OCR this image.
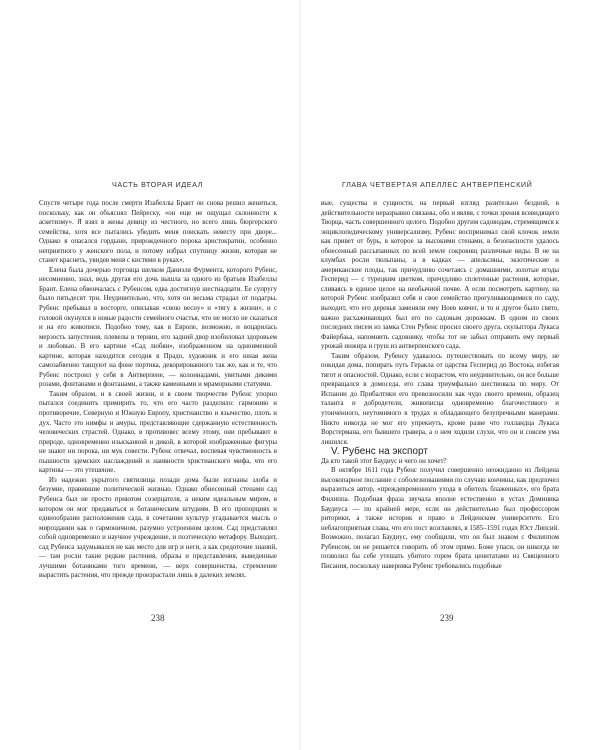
ЧАСТЬ ВТОРАЯ ИДЕАЛ

Спустя четыре года после смерти Изабеллы Брант он снова решил жениться, поскольку, как он объяснял Пейреску, «он еще не ощущал склонности к аскетизму». Я взял в жены девицу из честного, но всего лишь бюргерского семейства, хотя все пытались убедить меня поискать невесту при дворе... Однако я опасался гордыни, прирожденного порока аристократии, особенно неприятного у женского пола, и потому избрал спутницу жизни, которая не станет краснеть, увидев меня с кистями в руках».

Елена была дочерью торговца шелком Даниэля Фурмента, которого Рубенс, несомненно, знал, ведь другая его дочь вышла за одного из братьев Изабеллы Брант. Елена обвенчалась с Рубенсом, едва достигнув шестнадцати. Ее супругу было пятьдесят три. Неудивительно, что, хотя он весьма страдал от подагры, Рубенс пребывал в восторге, описывая «свою весну» и «тягу к жизни», и с головой окунулся в новые радости семейного счастья, что не могло не сказаться и на его живописи. Подобно тому, как в Европе, возможно, и воцарилась мерзость запустения, плевелы и тернии, его задний двор изобиловал здоровьем и любовью. В его картине «Сад любви», изображенном на одноименной картине, которая находится сегодня в Прадо, художник и его юная жена самозабвенно танцуют на фоне портика, декорированного так же, как и те, что Рубенс построил у себя в Антверпене, — колоннадами, увитыми дикими розами, фонтанами и фонтанами, а также каменными и мраморными статуями.

Таким образом, и в своей жизни, и в своем творчестве Рубенс упорно пытался соединить примирить то, что его часто разделяло: гармонию и противоречие, Северную и Южную Европу, христианство и язычество, плоть и дух. Часто это нимфы и амуры, представляющие сдержанную естественность человеческих страстей. Однако, в противовес всему этому, они пребывают в природе, одновременно изысканной и дикой, в которой изображенные фигуры не знают ни порока, ни мук совести. Рубенс отвечал, воспевая чувственность в пышности эдемских наслаждений и наивности христианского мифа, что его картины — это утешение.

Из надежно укрытого святилища позади дома были изгнаны злоба и безумие, правившие политической жизнью. Однако обнесенный стенами сад Рубенса был не просто приютом созерцателя, а неким идеальным миром, в котором он мог предаваться и ботаническим штудиям. В его пропорциях и единообразии расположения сада, в сочетании культур угадывается мысль о мироздании как о гармоничном, разумно устроенном целом. Сад представлял собой одновременно и научное учреждение, и поэтическую метафору. Выходит, сад Рубенса задумывался не как место для игр и неги, а как средоточие знаний, — там росли такие редкие растения, образы и представления, выведенные лучшими ботаниками того времени, — верх совершенства, стремление вырастить растения, что прежде произрастали лишь в далеких землях.

238
ГЛАВА ЧЕТВЕРТАЯ АПЕЛЛЕС АНТВЕРПЕНСКИЙ

вые, существа и сущности, на первый взгляд разительно бездной, в действительности неразрывно связаны, обо и являя, с точки зрения всевидящего Творца, часть совершенного целого. Подобно другим садоводам, стремящимся к энциклопедическому универсализму, Рубенс воспринимал свой клочок земли как привет от бурь, в которое за высокими стенами, в безопасности удалось обнесенный рассыпанных по всей земле сокровищ различные виды. В не на клумбах росли тюльпаны, а в кадках — апельсины, экзотические и американские плоды, так причудливо сочетаясь с домашними, золотые ягоды Гесперид — с турецким цветком, причудливо сплетенные растения, которые, сливаясь в единое целое на необычной почве. А если посмотреть картину, на которой Рубенс изобразил себя и свое семейство прогуливающимися по саду, выходит, что его деревья заменяли ему Ноев ковчег, и то и другое было свято, важно расхаживающих был его по садовым дорожкам. В одном из своих последних писем из замка Стен Рубенс просил своего друга, скульптора Лукаса Файербаьа, напомнить садовнику, чтобы тот не забыл отправить ему первый урожай инжира и груш из антверпенского сада.

Таким образом, Рубенсу удавалось путешествовать по всему миру, не покидая дома, попирать путь Геракла от царства Гесперид до Востока, избегая тягот и опасностей. Однако, если с возрастом, что неудивительно, он все больше превращался в домоседа, его слава триумфально шествовала по миру. От Испании до Прибалтики его превозносили как чудо своего времени, образец таланта и добродетели, живописца одновременно благочестивого и утонченного, неутомимого в трудах и обладающего безупречными манерами. Никто никогда не мог его упрекнуть, кроме разве что голландца Лукаса Ворстермана, его бывшего гравера, а о нем ходили слухи, что он и совсем ума лишился.

V. Рубенс на экспорт

Да кто такой этот Баудиус и чего он хочет?

В октябре 1611 года Рубенс получил совершенно неожиданно из Лейдена высокопарное послание с соболезнованиями по случаю кончины, как предпочел выразиться автор, «преждевременного ухода в обитель блаженных», его брата Филиппа. Подобная фраза звучала вполне естественно в устах Доминика Баудиуса — по крайней мере, если он действительно был профессором риторики, а также историк и право в Лейденском университете. Его неблагоприятная слава, что его пост возглавлял, в 1585–1591 годах Юст Липсий. Возможно, полагал Баудиус, ему сообщили, что он был знаком с Филиппом Рубенсом, он не решается говорить об этом прямо. Боже упаси, он никогда не позволил бы себе утешать убитого горем брата ценитатами из Священного Писания, поскольку наверняка Рубенс требовались подобные

239
